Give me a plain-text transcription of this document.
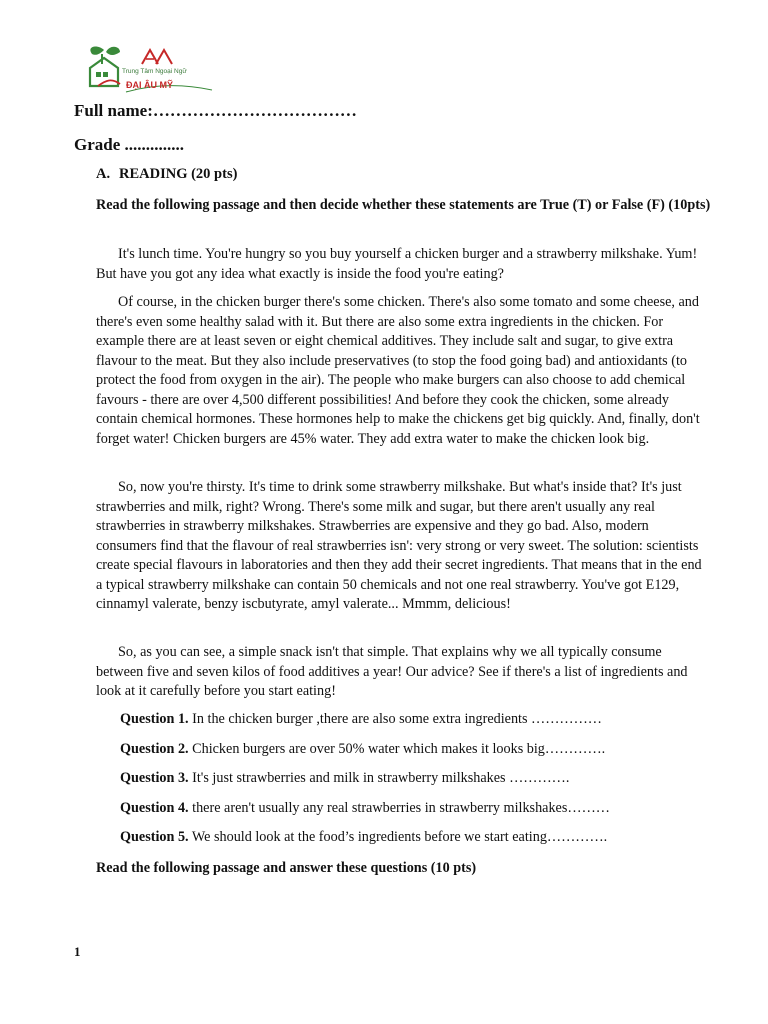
Trung Tâm Ngoại Ngữ
ĐẠI ÂU MỸ
Full name:………………………………
Grade ..............
A. READING (20 pts)
Read the following passage and then decide whether these statements are True (T) or False (F) (10pts)
It's lunch time. You're hungry so you buy yourself a chicken burger and a strawberry milkshake. Yum! But have you got any idea what exactly is inside the food you're eating?
Of course, in the chicken burger there's some chicken. There's also some tomato and some cheese, and there's even some healthy salad with it. But there are also some extra ingredients in the chicken. For example there are at least seven or eight chemical additives. They include salt and sugar, to give extra flavour to the meat. But they also include preservatives (to stop the food going bad) and antioxidants (to protect the food from oxygen in the air). The people who make burgers can also choose to add chemical favours - there are over 4,500 different possibilities! And before they cook the chicken, some already contain chemical hormones. These hormones help to make the chickens get big quickly. And, finally, don't forget water! Chicken burgers are 45% water. They add extra water to make the chicken look big.
So, now you're thirsty. It's time to drink some strawberry milkshake. But what's inside that? It's just strawberries and milk, right? Wrong. There's some milk and sugar, but there aren't usually any real strawberries in strawberry milkshakes. Strawberries are expensive and they go bad. Also, modern consumers find that the flavour of real strawberries isn': very strong or very sweet. The solution: scientists create special flavours in laboratories and then they add their secret ingredients. That means that in the end a typical strawberry milkshake can contain 50 chemicals and not one real strawberry. You've got E129, cinnamyl valerate, benzy iscbutyrate, amyl valerate... Mmmm, delicious!
So, as you can see, a simple snack isn't that simple. That explains why we all typically consume between five and seven kilos of food additives a year! Our advice? See if there's a list of ingredients and look at it carefully before you start eating!
Question 1. In the chicken burger ,there are also some extra ingredients ……………
Question 2. Chicken burgers are over 50% water which makes it looks big………….
Question 3. It's just strawberries and milk in strawberry milkshakes ………….
Question 4. there aren't usually any real strawberries in strawberry milkshakes………
Question 5. We should look at the food’s ingredients before we start eating………….
Read the following passage and answer these questions (10 pts)
1
